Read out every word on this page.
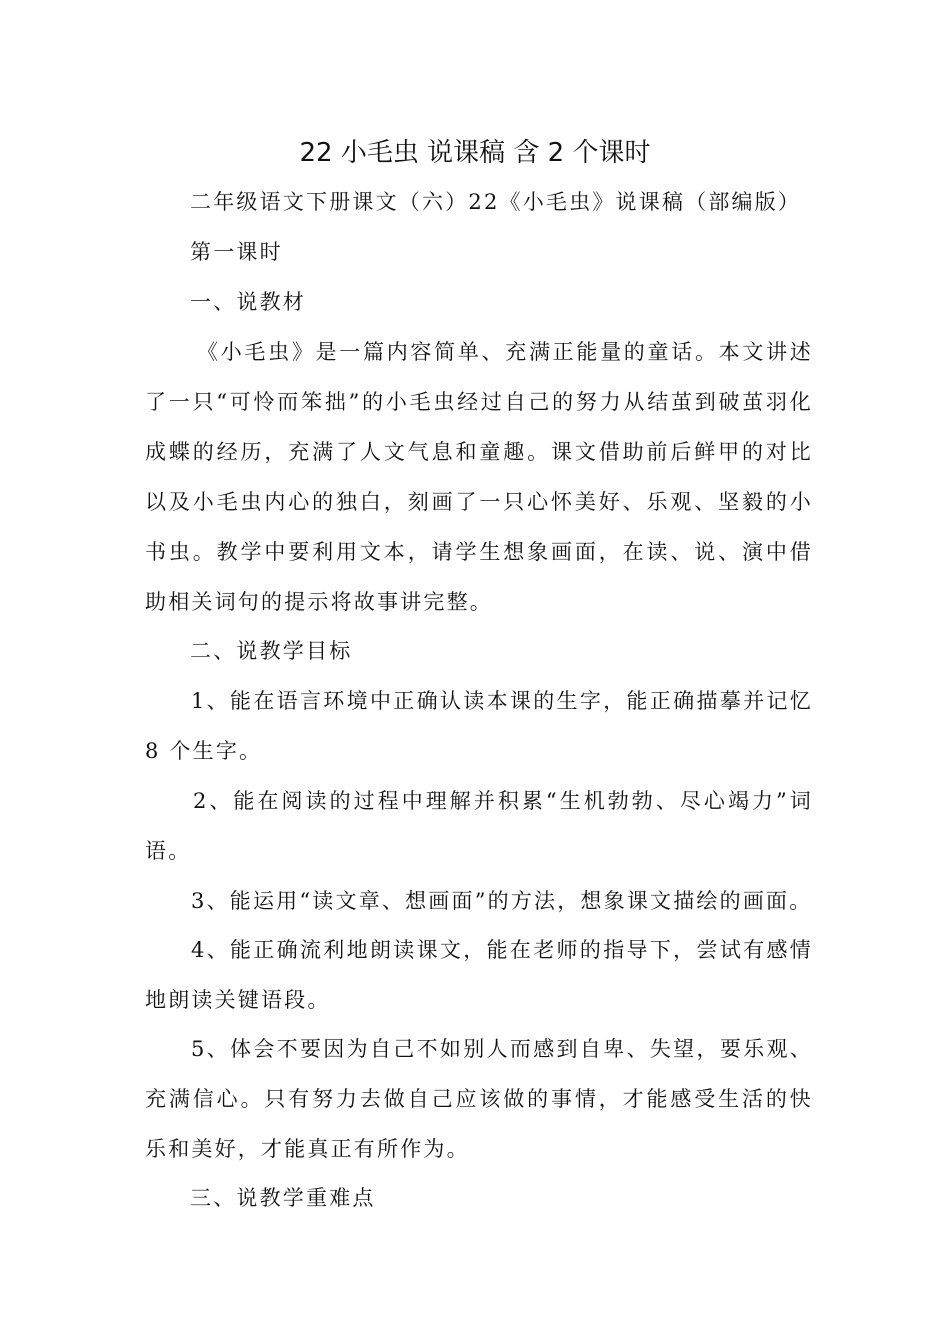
22 小毛虫 说课稿 含 2 个课时
二年级语文下册课文（六）22《小毛虫》说课稿（部编版）
第一课时
一、说教材
《小毛虫》是一篇内容简单、充满正能量的童话。本文讲述了一只“可怜而笨拙”的小毛虫经过自己的努力从结茧到破茧羽化成蝶的经历，充满了人文气息和童趣。课文借助前后鲜甲的对比以及小毛虫内心的独白，刻画了一只心怀美好、乐观、坚毅的小书虫。教学中要利用文本，请学生想象画面，在读、说、演中借助相关词句的提示将故事讲完整。
二、说教学目标
1、能在语言环境中正确认读本课的生字，能正确描摹并记忆 8 个生字。
2、能在阅读的过程中理解并积累“生机勃勃、尽心竭力”词语。
3、能运用“读文章、想画面”的方法，想象课文描绘的画面。
4、能正确流利地朗读课文，能在老师的指导下，尝试有感情地朗读关键语段。
5、体会不要因为自己不如别人而感到自卑、失望，要乐观、充满信心。只有努力去做自己应该做的事情，才能感受生活的快乐和美好，才能真正有所作为。
三、说教学重难点
